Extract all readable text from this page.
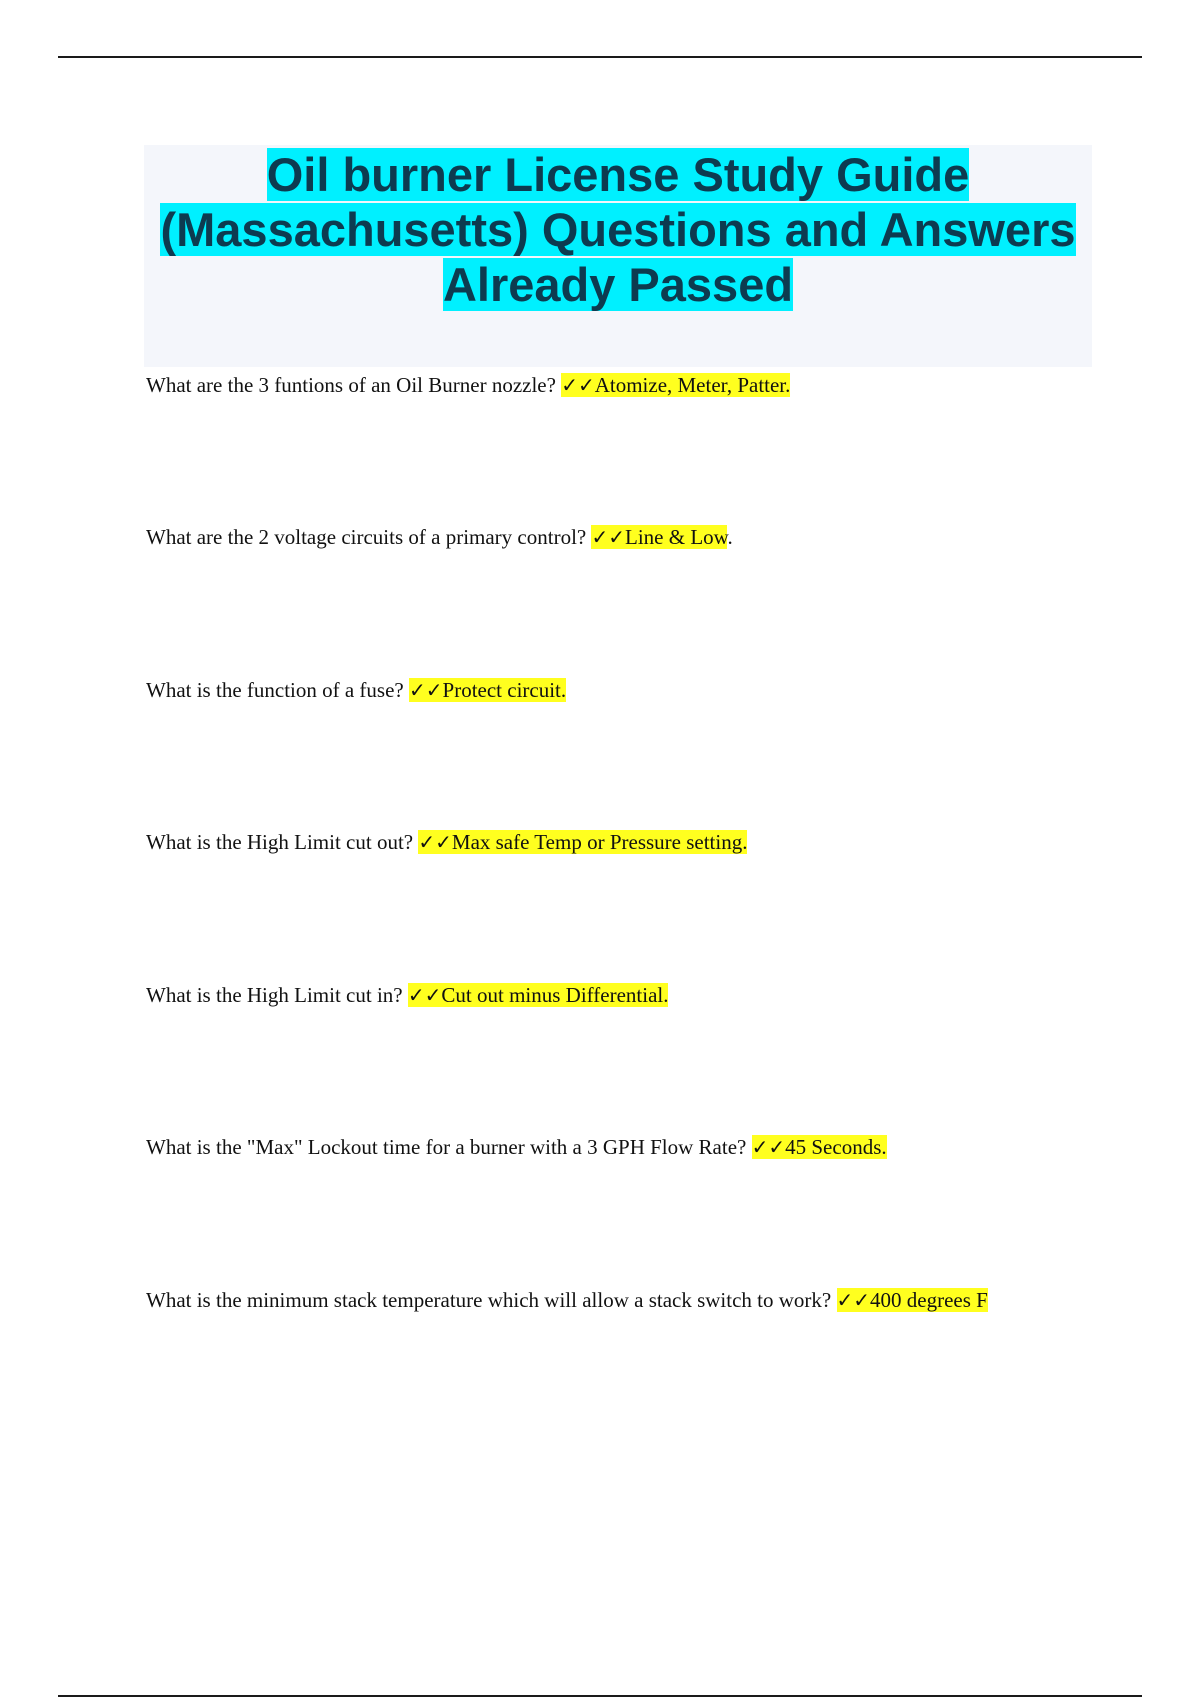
Oil burner License Study Guide (Massachusetts) Questions and Answers Already Passed

What are the 3 funtions of an Oil Burner nozzle? ✓✓Atomize, Meter, Patter.

What are the 2 voltage circuits of a primary control? ✓✓Line & Low.

What is the function of a fuse? ✓✓Protect circuit.

What is the High Limit cut out? ✓✓Max safe Temp or Pressure setting.

What is the High Limit cut in? ✓✓Cut out minus Differential.

What is the "Max" Lockout time for a burner with a 3 GPH Flow Rate? ✓✓45 Seconds.

What is the minimum stack temperature which will allow a stack switch to work? ✓✓400 degrees F
